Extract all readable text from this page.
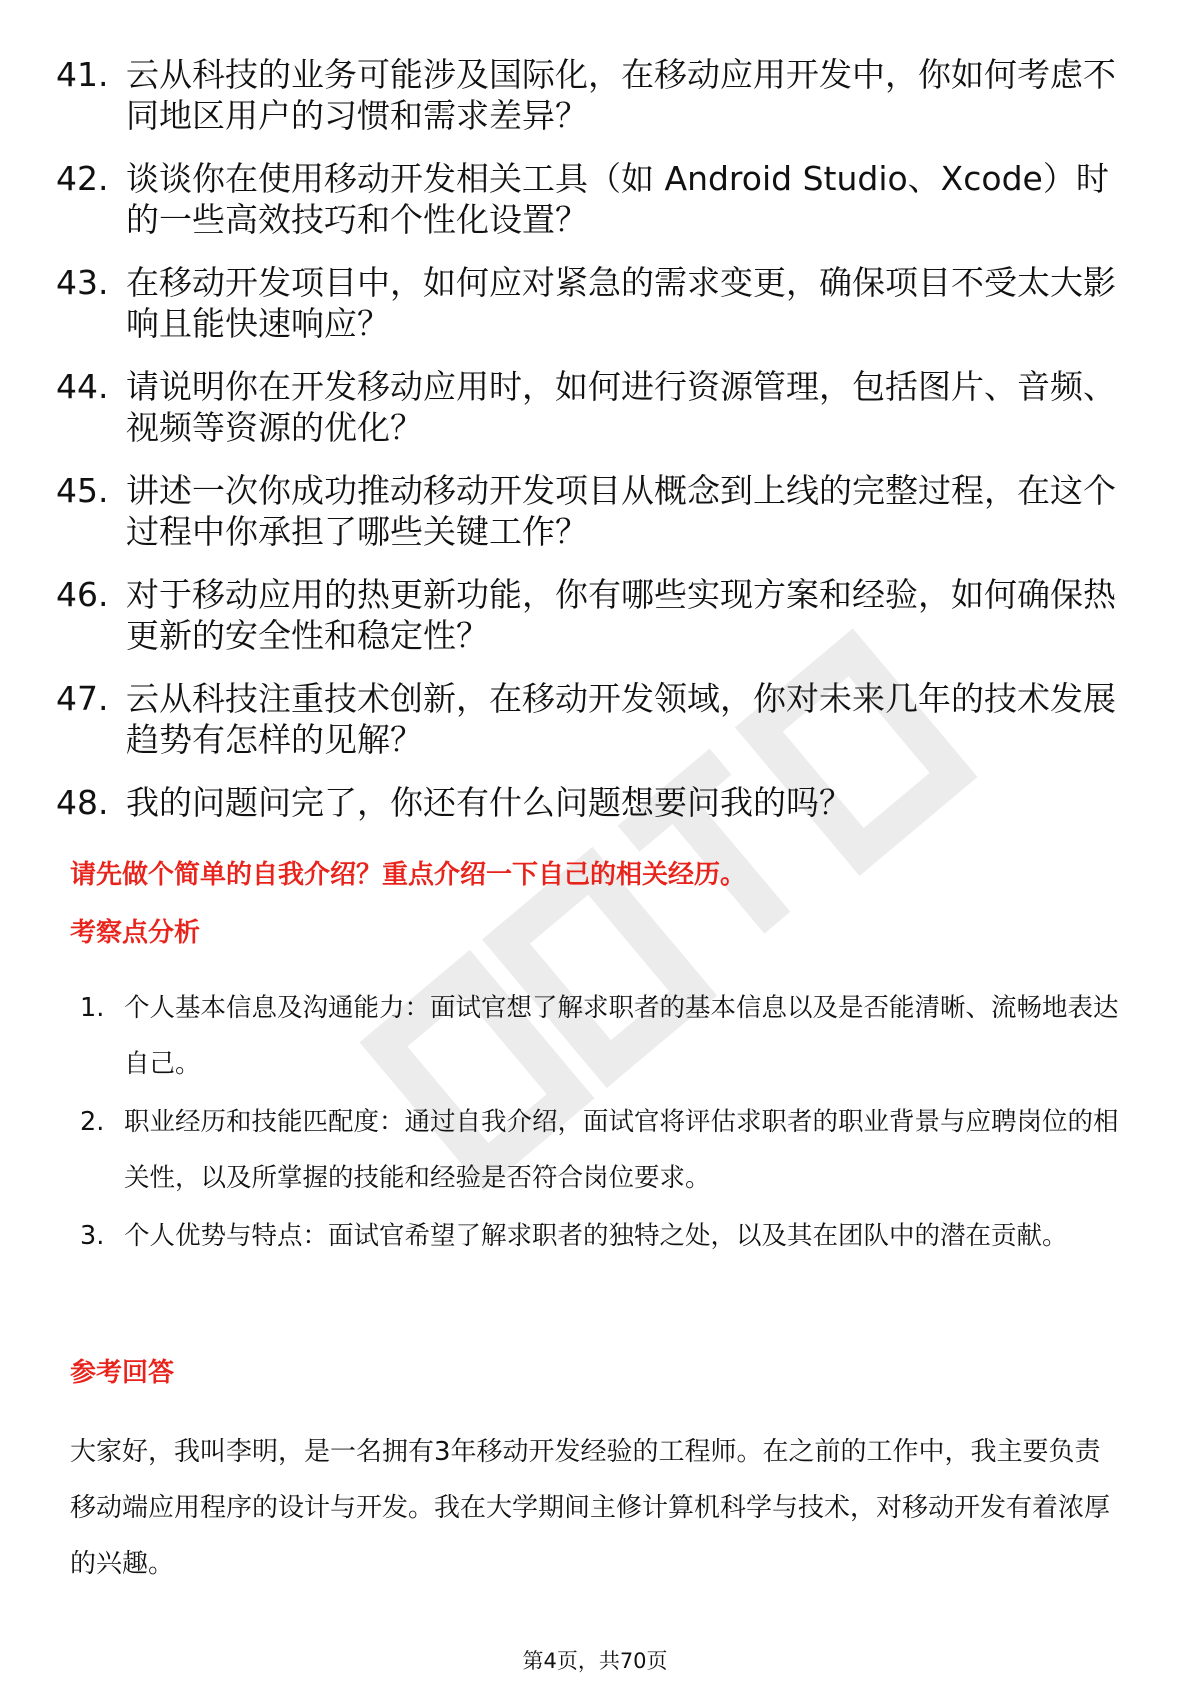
41. 云从科技的业务可能涉及国际化，在移动应用开发中，你如何考虑不同地区用户的习惯和需求差异？
42. 谈谈你在使用移动开发相关工具（如 Android Studio、Xcode）时的一些高效技巧和个性化设置？
43. 在移动开发项目中，如何应对紧急的需求变更，确保项目不受太大影响且能快速响应？
44. 请说明你在开发移动应用时，如何进行资源管理，包括图片、音频、视频等资源的优化？
45. 讲述一次你成功推动移动开发项目从概念到上线的完整过程，在这个过程中你承担了哪些关键工作？
46. 对于移动应用的热更新功能，你有哪些实现方案和经验，如何确保热更新的安全性和稳定性？
47. 云从科技注重技术创新，在移动开发领域，你对未来几年的技术发展趋势有怎样的见解？
48. 我的问题问完了，你还有什么问题想要问我的吗？
请先做个简单的自我介绍？重点介绍一下自己的相关经历。
考察点分析
1. 个人基本信息及沟通能力：面试官想了解求职者的基本信息以及是否能清晰、流畅地表达自己。
2. 职业经历和技能匹配度：通过自我介绍，面试官将评估求职者的职业背景与应聘岗位的相关性，以及所掌握的技能和经验是否符合岗位要求。
3. 个人优势与特点：面试官希望了解求职者的独特之处，以及其在团队中的潜在贡献。
参考回答

大家好，我叫李明，是一名拥有3年移动开发经验的工程师。在之前的工作中，我主要负责移动端应用程序的设计与开发。我在大学期间主修计算机科学与技术，对移动开发有着浓厚的兴趣。

第4页，共70页
